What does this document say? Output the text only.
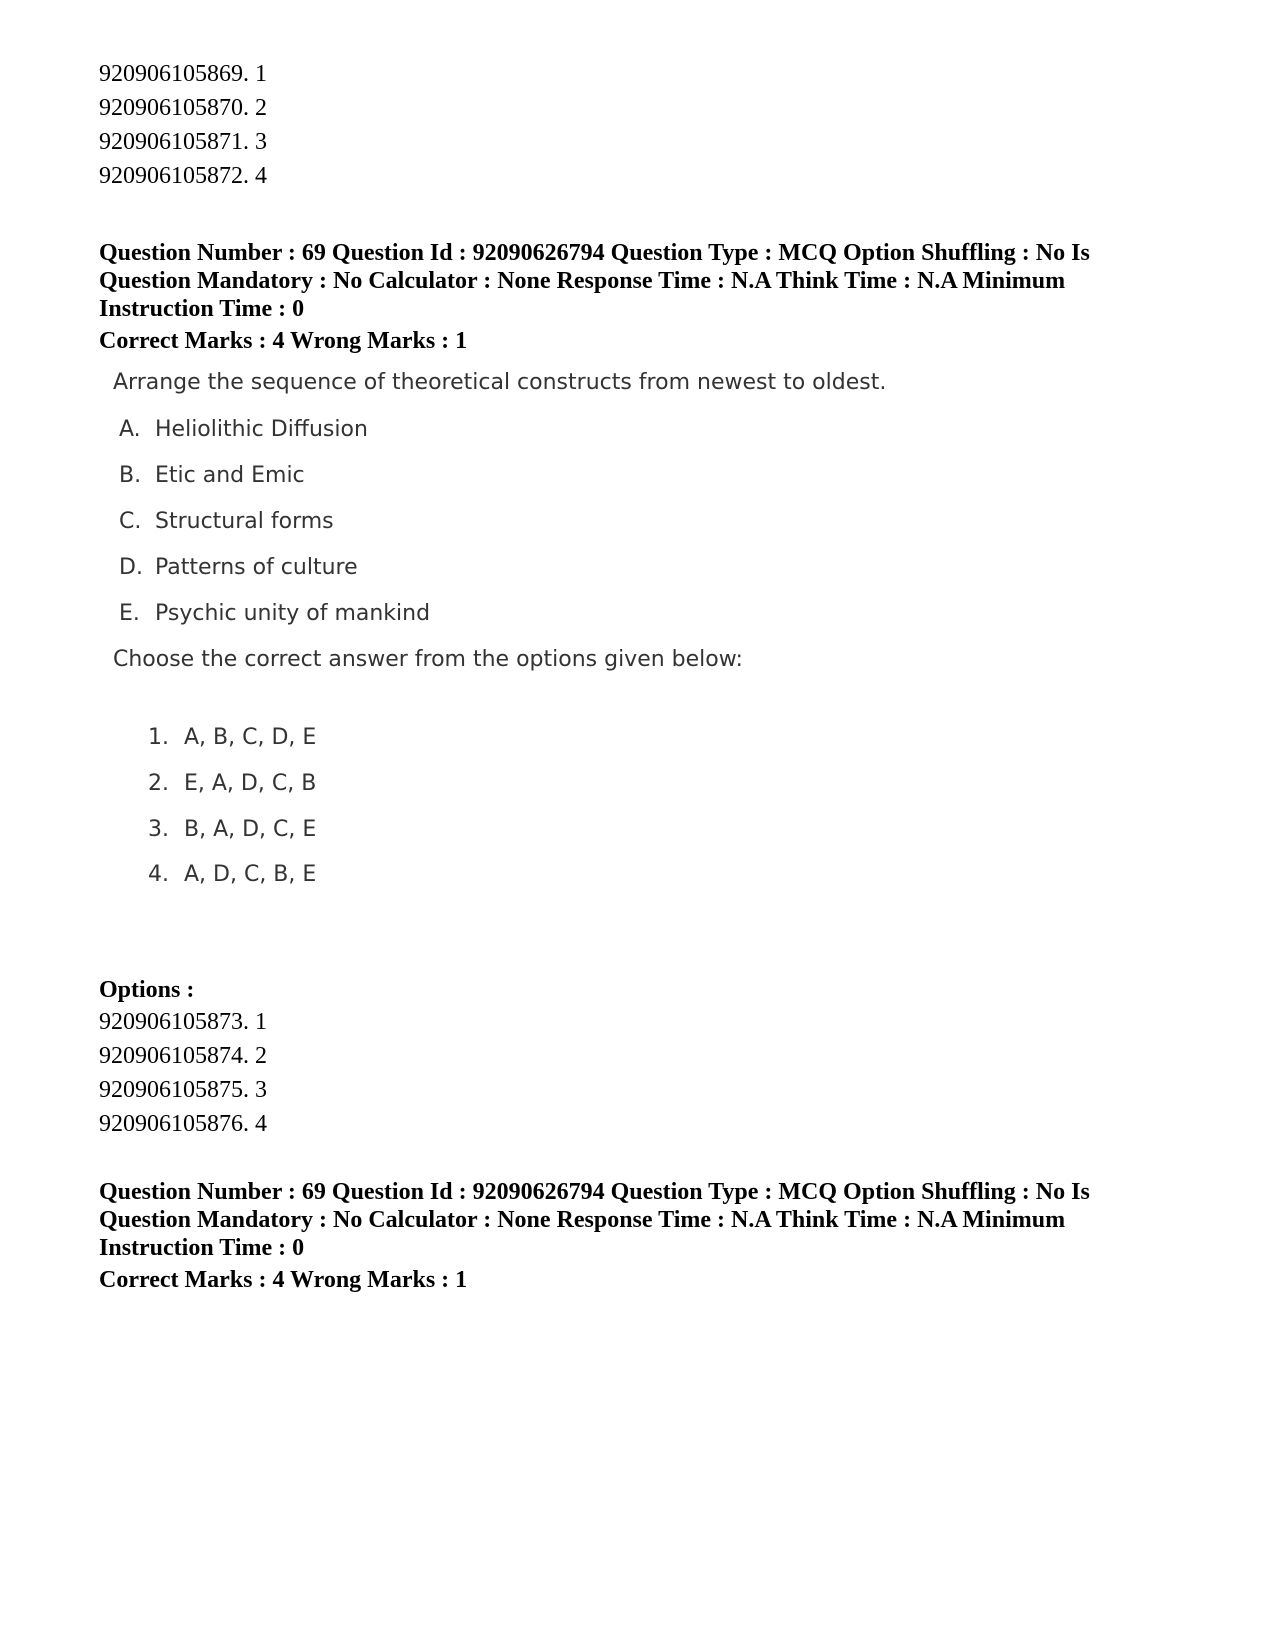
920906105869. 1
920906105870. 2
920906105871. 3
920906105872. 4
Question Number : 69 Question Id : 92090626794 Question Type : MCQ Option Shuffling : No Is
Question Mandatory : No Calculator : None Response Time : N.A Think Time : N.A Minimum
Instruction Time : 0
Correct Marks : 4 Wrong Marks : 1
Arrange the sequence of theoretical constructs from newest to oldest.
A. Heliolithic Diffusion
B. Etic and Emic
C. Structural forms
D. Patterns of culture
E. Psychic unity of mankind
Choose the correct answer from the options given below:
1. A, B, C, D, E
2. E, A, D, C, B
3. B, A, D, C, E
4. A, D, C, B, E
Options :
920906105873. 1
920906105874. 2
920906105875. 3
920906105876. 4
Question Number : 69 Question Id : 92090626794 Question Type : MCQ Option Shuffling : No Is
Question Mandatory : No Calculator : None Response Time : N.A Think Time : N.A Minimum
Instruction Time : 0
Correct Marks : 4 Wrong Marks : 1
